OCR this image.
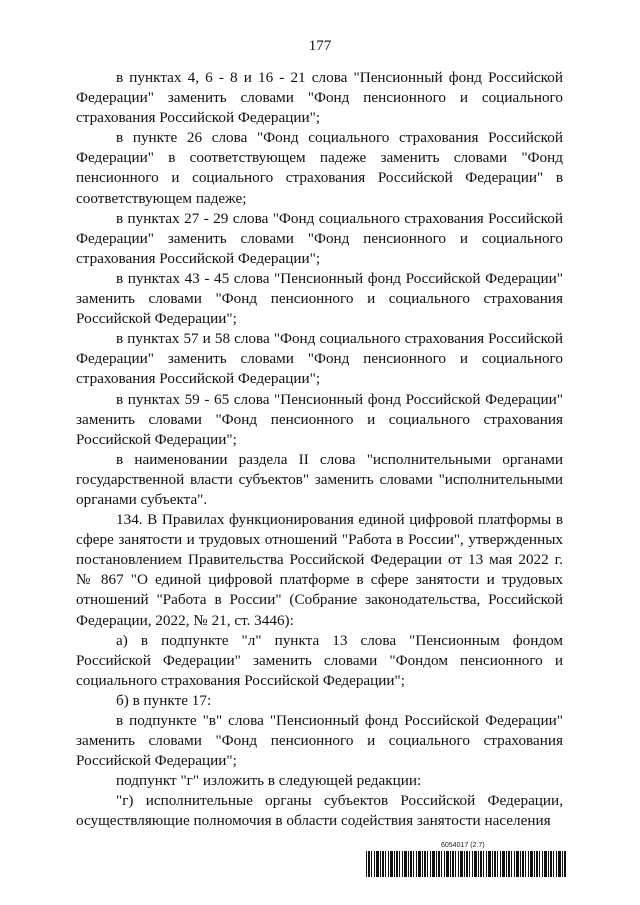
177

в пунктах 4, 6 - 8 и 16 - 21 слова "Пенсионный фонд Российской Федерации" заменить словами "Фонд пенсионного и социального страхования Российской Федерации";

в пункте 26 слова "Фонд социального страхования Российской Федерации" в соответствующем падеже заменить словами "Фонд пенсионного и социального страхования Российской Федерации" в соответствующем падеже;

в пунктах 27 - 29 слова "Фонд социального страхования Российской Федерации" заменить словами "Фонд пенсионного и социального страхования Российской Федерации";

в пунктах 43 - 45 слова "Пенсионный фонд Российской Федерации" заменить словами "Фонд пенсионного и социального страхования Российской Федерации";

в пунктах 57 и 58 слова "Фонд социального страхования Российской Федерации" заменить словами "Фонд пенсионного и социального страхования Российской Федерации";

в пунктах 59 - 65 слова "Пенсионный фонд Российской Федерации" заменить словами "Фонд пенсионного и социального страхования Российской Федерации";

в наименовании раздела II слова "исполнительными органами государственной власти субъектов" заменить словами "исполнительными органами субъекта".

134. В Правилах функционирования единой цифровой платформы в сфере занятости и трудовых отношений "Работа в России", утвержденных постановлением Правительства Российской Федерации от 13 мая 2022 г. № 867 "О единой цифровой платформе в сфере занятости и трудовых отношений "Работа в России" (Собрание законодательства, Российской Федерации, 2022, № 21, ст. 3446):

а) в подпункте "л" пункта 13 слова "Пенсионным фондом Российской Федерации" заменить словами "Фондом пенсионного и социального страхования Российской Федерации";

б) в пункте 17:

в подпункте "в" слова "Пенсионный фонд Российской Федерации" заменить словами "Фонд пенсионного и социального страхования Российской Федерации";

подпункт "г" изложить в следующей редакции:

"г) исполнительные органы субъектов Российской Федерации, осуществляющие полномочия в области содействия занятости населения

6054017 (2.7)
